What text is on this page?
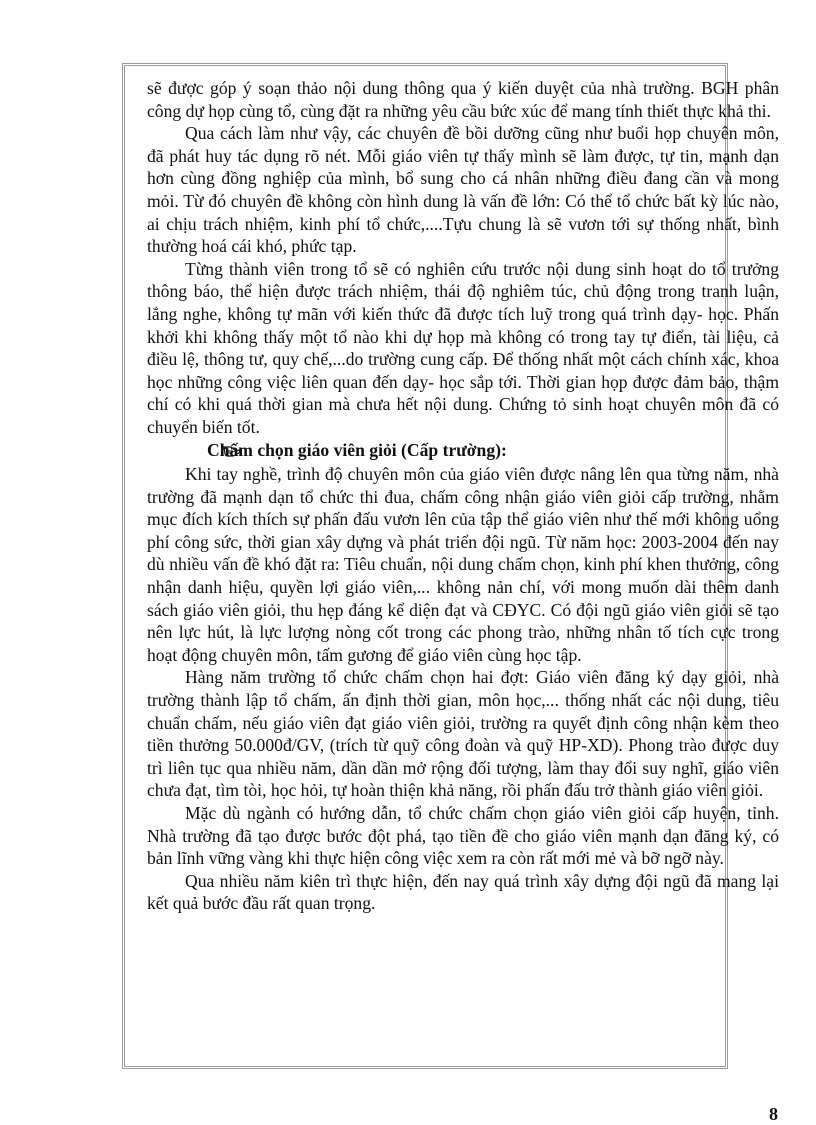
sẽ được góp ý soạn thảo nội dung thông qua ý kiến duyệt của nhà trường. BGH phân công dự họp cùng tổ, cùng đặt ra những yêu cầu bức xúc để mang tính thiết thực khả thi.

Qua cách làm như vậy, các chuyên đề bồi dưỡng cũng như buổi họp chuyên môn, đã phát huy tác dụng rõ nét. Mỗi giáo viên tự thấy mình sẽ làm được, tự tin, mạnh dạn hơn cùng đồng nghiệp của mình, bổ sung cho cá nhân những điều đang cần và mong mỏi. Từ đó chuyên đề không còn hình dung là vấn đề lớn: Có thể tổ chức bất kỳ lúc nào, ai chịu trách nhiệm, kinh phí tổ chức,....Tựu chung là sẽ vươn tới sự thống nhất, bình thường hoá cái khó, phức tạp.

Từng thành viên trong tổ sẽ có nghiên cứu trước nội dung sinh hoạt do tổ trưởng thông báo, thể hiện được trách nhiệm, thái độ nghiêm túc, chủ động trong tranh luận, lắng nghe, không tự mãn với kiến thức đã được tích luỹ trong quá trình dạy- học. Phấn khởi khi không thấy một tổ nào khi dự họp mà không có trong tay tự điển, tài liệu, cả điều lệ, thông tư, quy chế,...do trường cung cấp. Để thống nhất một cách chính xác, khoa học những công việc liên quan đến dạy- học sắp tới. Thời gian họp được đảm bảo, thậm chí có khi quá thời gian mà chưa hết nội dung. Chứng tỏ sinh hoạt chuyên môn đã có chuyển biến tốt.

Chấm chọn giáo viên giỏi (Cấp trường):

Khi tay nghề, trình độ chuyên môn của giáo viên được nâng lên qua từng năm, nhà trường đã mạnh dạn tổ chức thi đua, chấm công nhận giáo viên giỏi cấp trường, nhằm mục đích kích thích sự phấn đấu vươn lên của tập thể giáo viên như thế mới không uổng phí công sức, thời gian xây dựng và phát triển đội ngũ. Từ năm học: 2003-2004 đến nay dù nhiều vấn đề khó đặt ra: Tiêu chuẩn, nội dung chấm chọn, kinh phí khen thưởng, công nhận danh hiệu, quyền lợi giáo viên,... không nản chí, với mong muốn dài thêm danh sách giáo viên giỏi, thu hẹp đáng kể diện đạt và CĐYC. Có đội ngũ giáo viên giỏi sẽ tạo nên lực hút, là lực lượng nòng cốt trong các phong trào, những nhân tố tích cực trong hoạt động chuyên môn, tấm gương để giáo viên cùng học tập.

Hàng năm trường tổ chức chấm chọn hai đợt: Giáo viên đăng ký dạy giỏi, nhà trường thành lập tổ chấm, ấn định thời gian, môn học,... thống nhất các nội dung, tiêu chuẩn chấm, nếu giáo viên đạt giáo viên giỏi, trường ra quyết định công nhận kèm theo tiền thưởng 50.000đ/GV, (trích từ quỹ công đoàn và quỹ HP-XD). Phong trào được duy trì liên tục qua nhiều năm, dần dần mở rộng đối tượng, làm thay đổi suy nghĩ, giáo viên chưa đạt, tìm tòi, học hỏi, tự hoàn thiện khả năng, rồi phấn đấu trở thành giáo viên giỏi.

Mặc dù ngành có hướng dẫn, tổ chức chấm chọn giáo viên giỏi cấp huyện, tỉnh. Nhà trường đã tạo được bước đột phá, tạo tiền đề cho giáo viên mạnh dạn đăng ký, có bản lĩnh vững vàng khi thực hiện công việc xem ra còn rất mới mẻ và bỡ ngỡ này.

Qua nhiều năm kiên trì thực hiện, đến nay quá trình xây dựng đội ngũ đã mang lại kết quả bước đầu rất quan trọng.

8
